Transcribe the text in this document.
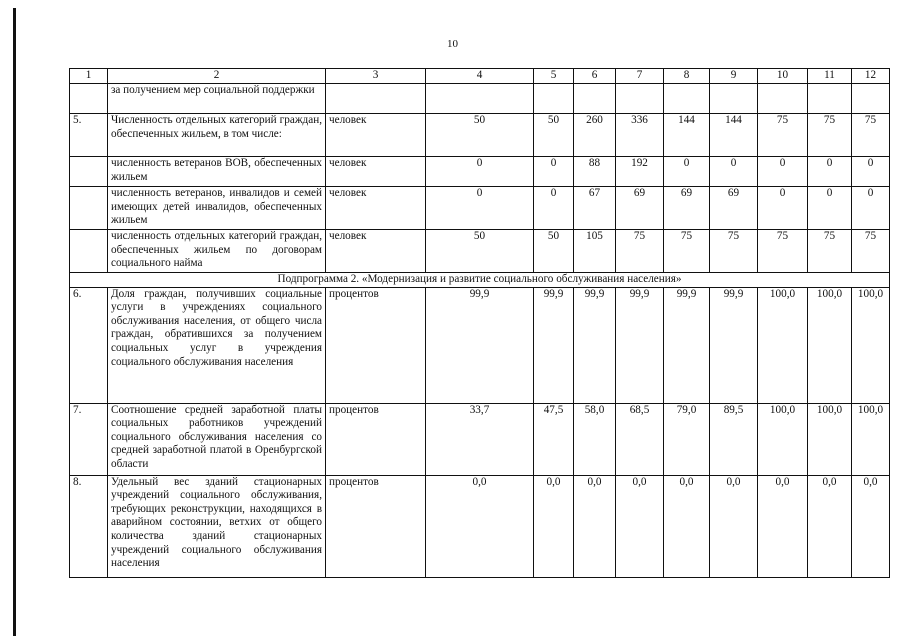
10
1	2	3	4	5	6	7	8	9	10	11	12
	за получением мер социальной поддержки										
5.	Численность отдельных категорий граждан, обеспеченных жильем, в том числе:	человек	50	50	260	336	144	144	75	75	75
	численность ветеранов ВОВ, обеспеченных жильем	человек	0	0	88	192	0	0	0	0	0
	численность ветеранов, инвалидов и семей имеющих детей инвалидов, обеспеченных жильем	человек	0	0	67	69	69	69	0	0	0
	численность отдельных категорий граждан, обеспеченных жильем по договорам социального найма	человек	50	50	105	75	75	75	75	75	75
Подпрограмма 2. «Модернизация и развитие социального обслуживания населения»											
6.	Доля граждан, получивших социальные услуги в учреждениях социального обслуживания населения, от общего числа граждан, обратившихся за получением социальных услуг в учреждения социального обслуживания населения	процентов	99,9	99,9	99,9	99,9	99,9	99,9	100,0	100,0	100,0
7.	Соотношение средней заработной платы социальных работников учреждений социального обслуживания населения со средней заработной платой в Оренбургской области	процентов	33,7	47,5	58,0	68,5	79,0	89,5	100,0	100,0	100,0
8.	Удельный вес зданий стационарных учреждений социального обслуживания, требующих реконструкции, находящихся в аварийном состоянии, ветхих от общего количества зданий стационарных учреждений социального обслуживания населения	процентов	0,0	0,0	0,0	0,0	0,0	0,0	0,0	0,0	0,0
